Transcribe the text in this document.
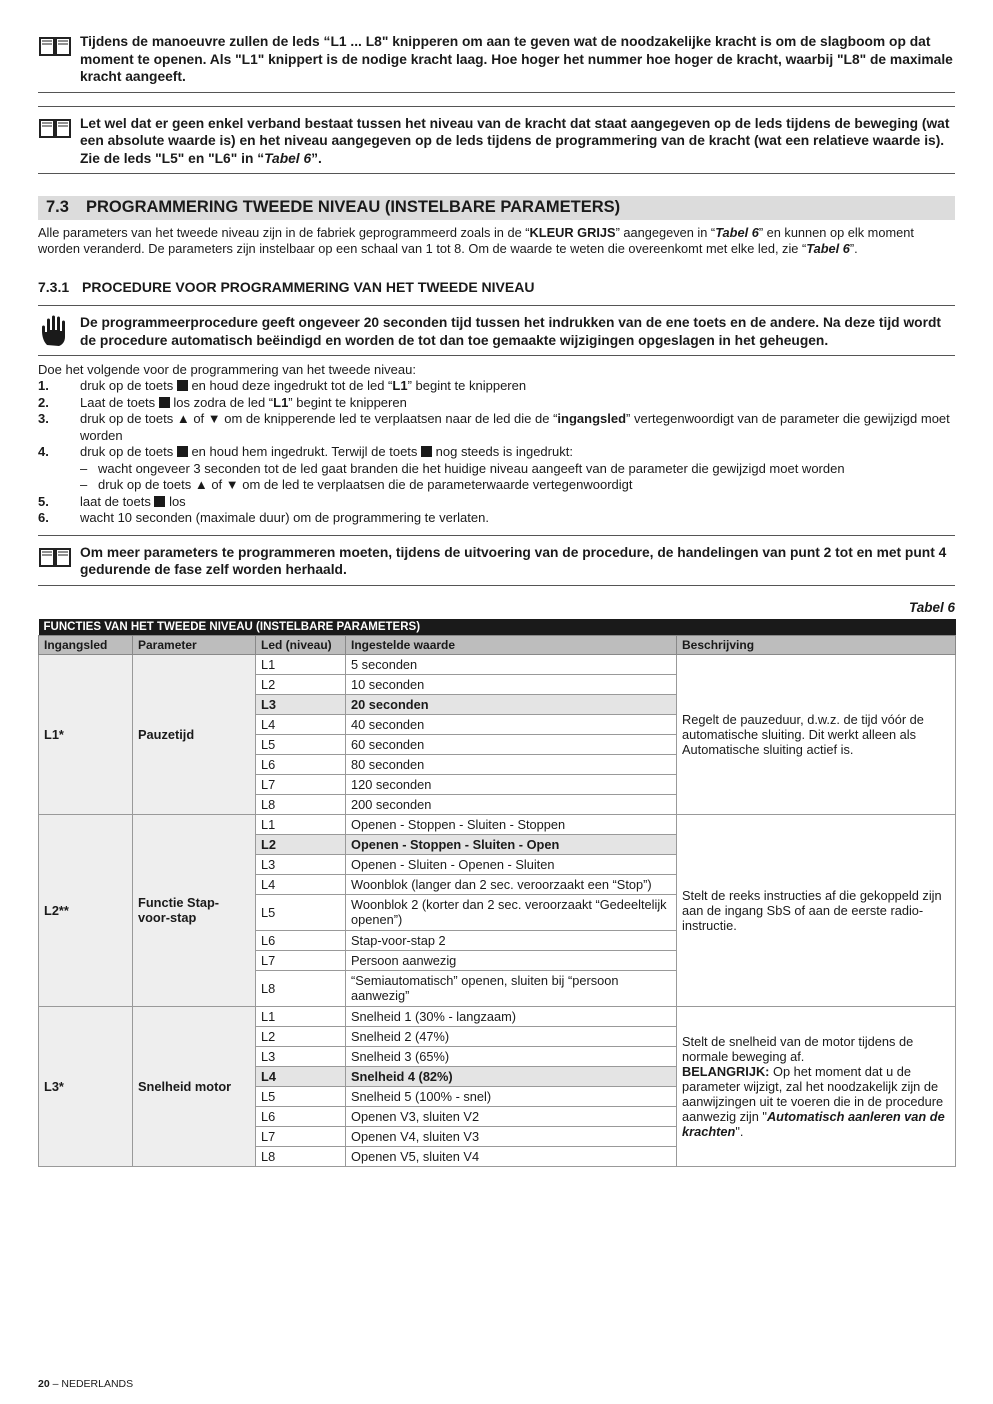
Tijdens de manoeuvre zullen de leds “L1 ... L8" knipperen om aan te geven wat de noodzakelijke kracht is om de slagboom op dat moment te openen. Als "L1" knippert is de nodige kracht laag. Hoe hoger het nummer hoe hoger de kracht, waarbij "L8" de maximale kracht aangeeft.
Let wel dat er geen enkel verband bestaat tussen het niveau van de kracht dat staat aangegeven op de leds tijdens de beweging (wat een absolute waarde is) en het niveau aangegeven op de leds tijdens de programmering van de kracht (wat een relatieve waarde is). Zie de leds "L5" en "L6" in “Tabel 6”.
7.3 PROGRAMMERING TWEEDE NIVEAU (INSTELBARE PARAMETERS)

Alle parameters van het tweede niveau zijn in de fabriek geprogrammeerd zoals in de “KLEUR GRIJS” aangegeven in “Tabel 6” en kunnen op elk moment worden veranderd. De parameters zijn instelbaar op een schaal van 1 tot 8. Om de waarde te weten die overeenkomt met elke led, zie “Tabel 6”.

7.3.1 PROCEDURE VOOR PROGRAMMERING VAN HET TWEEDE NIVEAU
De programmeerprocedure geeft ongeveer 20 seconden tijd tussen het indrukken van de ene toets en de andere. Na deze tijd wordt de procedure automatisch beëindigd en worden de tot dan toe gemaakte wijzigingen opgeslagen in het geheugen.

Doe het volgende voor de programmering van het tweede niveau:

1.	druk op de toets  en houd deze ingedrukt tot de led “L1” begint te knipperen
2.	Laat de toets  los zodra de led “L1” begint te knipperen
3.	druk op de toets ▲ of ▼ om de knipperende led te verplaatsen naar de led die de “ingangsled” vertegenwoordigt van de parameter die gewijzigd moet worden
4.	druk op de toets  en houd hem ingedrukt. Terwijl de toets  nog steeds is ingedrukt:
– wacht ongeveer 3 seconden tot de led gaat branden die het huidige niveau aangeeft van de parameter die gewijzigd moet worden
– druk op de toets ▲ of ▼ om de led te verplaatsen die de parameterwaarde vertegenwoordigt
5.	laat de toets  los
6.	wacht 10 seconden (maximale duur) om de programmering te verlaten.
Om meer parameters te programmeren moeten, tijdens de uitvoering van de procedure, de handelingen van punt 2 tot en met punt 4 gedurende de fase zelf worden herhaald.
Tabel 6
FUNCTIES VAN HET TWEEDE NIVEAU (INSTELBARE PARAMETERS)				
Ingangsled	Parameter	Led (niveau)	Ingestelde waarde	Beschrijving
L1*	Pauzetijd	L1	5 seconden	Regelt de pauzeduur, d.w.z. de tijd vóór de automatische sluiting. Dit werkt alleen als Automatische sluiting actief is.
		L2	10 seconden	
		L3	20 seconden	
		L4	40 seconden	
		L5	60 seconden	
		L6	80 seconden	
		L7	120 seconden	
		L8	200 seconden	
L2**	Functie Stap-voor-stap	L1	Openen - Stoppen - Sluiten - Stoppen	Stelt de reeks instructies af die gekoppeld zijn aan de ingang SbS of aan de eerste radio-instructie.
		L2	Openen - Stoppen - Sluiten - Open	
		L3	Openen - Sluiten - Openen - Sluiten	
		L4	Woonblok (langer dan 2 sec. veroorzaakt een “Stop”)	
		L5	Woonblok 2 (korter dan 2 sec. veroorzaakt “Gedeeltelijk openen”)	
		L6	Stap-voor-stap 2	
		L7	Persoon aanwezig	
		L8	“Semiautomatisch” openen, sluiten bij “persoon aanwezig”	
L3*	Snelheid motor	L1	Snelheid 1 (30% - langzaam)	Stelt de snelheid van de motor tijdens de normale beweging af.
BELANGRIJK: Op het moment dat u de parameter wijzigt, zal het noodzakelijk zijn de aanwijzingen uit te voeren die in de procedure aanwezig zijn "Automatisch aanleren van de krachten".
		L2	Snelheid 2 (47%)	
		L3	Snelheid 3 (65%)	
		L4	Snelheid 4 (82%)	
		L5	Snelheid 5 (100% - snel)	
		L6	Openen V3, sluiten V2	
		L7	Openen V4, sluiten V3	
		L8	Openen V5, sluiten V4	
20 – NEDERLANDS
